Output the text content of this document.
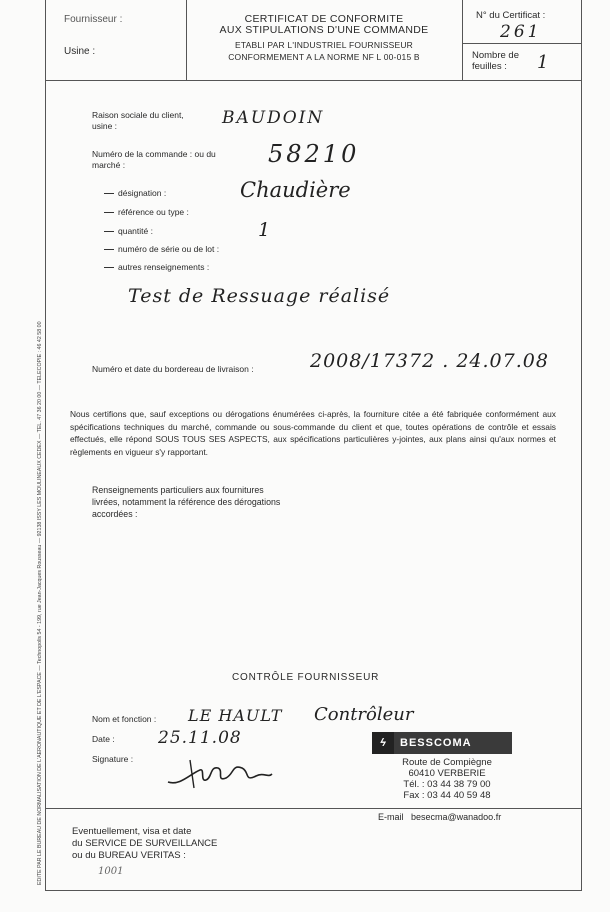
Fournisseur :
Usine :
CERTIFICAT DE CONFORMITE
AUX STIPULATIONS D'UNE COMMANDE
ETABLI PAR L'INDUSTRIEL FOURNISSEUR
CONFORMEMENT A LA NORME NF L 00-015 B
N° du Certificat :
261
Nombre de feuilles :	1
EDITE PAR LE BUREAU DE NORMALISATION DE L'AERONAUTIQUE ET DE L'ESPACE — Technopolis 54 - 199, rue Jean-Jacques Rousseau — 92138 ISSY LES MOULINEAUX CEDEX — TEL. 47 36 20 00 — TELECOPIE : 46 42 58 00
Raison sociale du client, usine :	BAUDOIN
Numéro de la commande : ou du marché :	58210
désignation :	Chaudière
référence ou type :
quantité :	1
numéro de série ou de lot :
autres renseignements :
Test de Ressuage réalisé
Numéro et date du bordereau de livraison :	2008/17372 . 24.07.08
Nous certifions que, sauf exceptions ou dérogations énumérées ci-après, la fourniture citée a été fabriquée conformément aux spécifications techniques du marché, commande ou sous-commande du client et que, toutes opérations de contrôle et essais effectués, elle répond SOUS TOUS SES ASPECTS, aux spécifications particulières y-jointes, aux plans ainsi qu'aux normes et règlements en vigueur s'y rapportant.
Renseignements particuliers aux fournitures livrées, notamment la référence des dérogations accordées :
CONTRÔLE FOURNISSEUR
Nom et fonction : LE HAULT Contrôleur
Date :	25.11.08
Signature :
ϟ	BESSCOMA
Route de Compiègne
60410 VERBERIE
Tél. : 03 44 38 79 00
Fax : 03 44 40 59 48
E-mail   besecma@wanadoo.fr
Eventuellement, visa et date
du SERVICE DE SURVEILLANCE
ou du BUREAU VERITAS :
1001
